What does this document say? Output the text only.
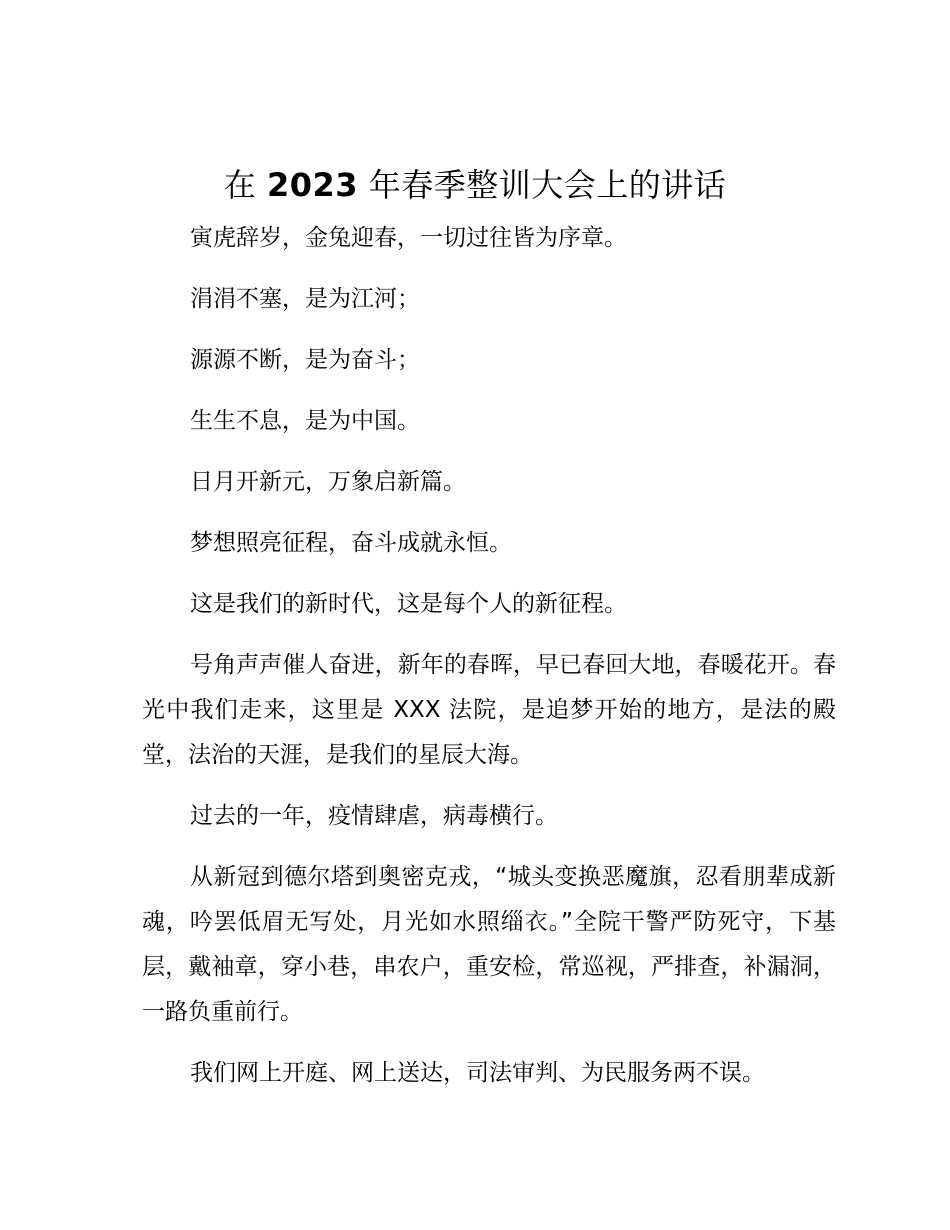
在 2023 年春季整训大会上的讲话

寅虎辞岁，金兔迎春，一切过往皆为序章。

涓涓不塞，是为江河；

源源不断，是为奋斗；

生生不息，是为中国。

日月开新元，万象启新篇。

梦想照亮征程，奋斗成就永恒。

这是我们的新时代，这是每个人的新征程。

号角声声催人奋进，新年的春晖，早已春回大地，春暖花开。春光中我们走来，这里是 XXX 法院，是追梦开始的地方，是法的殿堂，法治的天涯，是我们的星辰大海。

过去的一年，疫情肆虐，病毒横行。

从新冠到德尔塔到奥密克戎，“城头变换恶魔旗，忍看朋辈成新魂，吟罢低眉无写处，月光如水照缁衣。”全院干警严防死守，下基层，戴袖章，穿小巷，串农户，重安检，常巡视，严排查，补漏洞，一路负重前行。

我们网上开庭、网上送达，司法审判、为民服务两不误。
